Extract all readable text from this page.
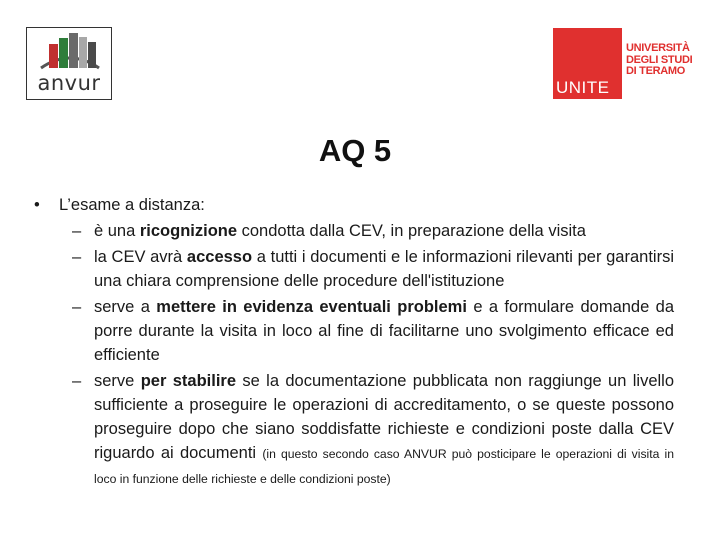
anvur	UNITE
UNIVERSITÀ
DEGLI STUDI
DI TERAMO
AQ 5
• L’esame a distanza:
– è una ricognizione condotta dalla CEV, in preparazione della visita
– la CEV avrà accesso a tutti i documenti e le informazioni rilevanti per garantirsi una chiara comprensione delle procedure dell'istituzione
– serve a mettere in evidenza eventuali problemi e a formulare domande da porre durante la visita in loco al fine di facilitarne uno svolgimento efficace ed efficiente
– serve per stabilire se la documentazione pubblicata non raggiunge un livello sufficiente a proseguire le operazioni di accreditamento, o se queste possono proseguire dopo che siano soddisfatte richieste e condizioni poste dalla CEV riguardo ai documenti (in questo secondo caso ANVUR può posticipare le operazioni di visita in loco in funzione delle richieste e delle condizioni poste)
